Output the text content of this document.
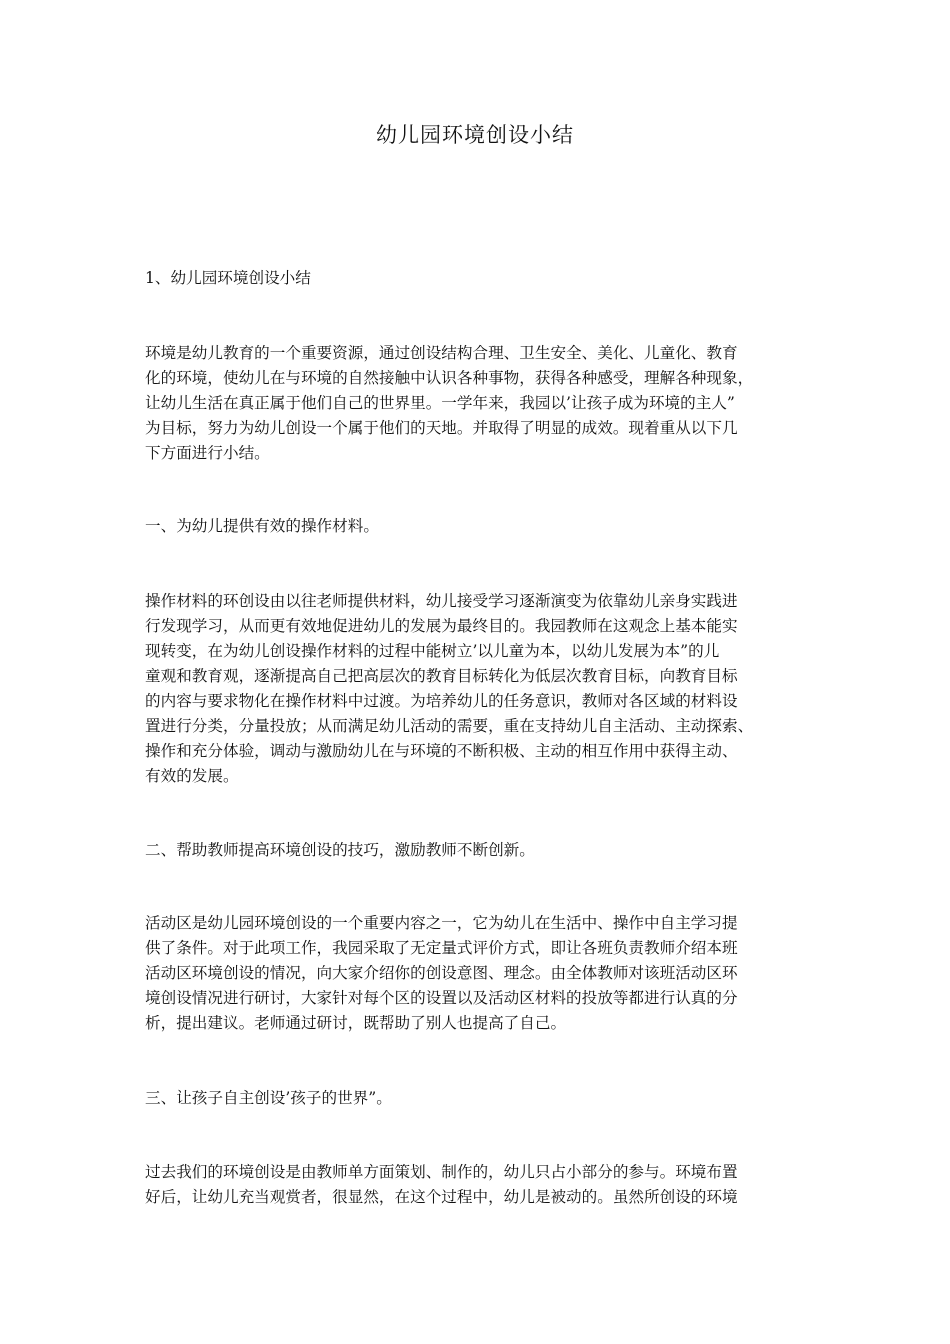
幼儿园环境创设小结
1、幼儿园环境创设小结
环境是幼儿教育的一个重要资源，通过创设结构合理、卫生安全、美化、儿童化、教育
化的环境，使幼儿在与环境的自然接触中认识各种事物，获得各种感受，理解各种现象，
让幼儿生活在真正属于他们自己的世界里。一学年来，我园以’让孩子成为环境的主人”
为目标，努力为幼儿创设一个属于他们的天地。并取得了明显的成效。现着重从以下几
下方面进行小结。
一、为幼儿提供有效的操作材料。
操作材料的环创设由以往老师提供材料，幼儿接受学习逐渐演变为依靠幼儿亲身实践进
行发现学习，从而更有效地促进幼儿的发展为最终目的。我园教师在这观念上基本能实
现转变，在为幼儿创设操作材料的过程中能树立’以儿童为本，以幼儿发展为本”的儿
童观和教育观，逐渐提高自己把高层次的教育目标转化为低层次教育目标，向教育目标
的内容与要求物化在操作材料中过渡。为培养幼儿的任务意识，教师对各区域的材料设
置进行分类，分量投放；从而满足幼儿活动的需要，重在支持幼儿自主活动、主动探索、
操作和充分体验，调动与激励幼儿在与环境的不断积极、主动的相互作用中获得主动、
有效的发展。
二、帮助教师提高环境创设的技巧，激励教师不断创新。
活动区是幼儿园环境创设的一个重要内容之一，它为幼儿在生活中、操作中自主学习提
供了条件。对于此项工作，我园采取了无定量式评价方式，即让各班负责教师介绍本班
活动区环境创设的情况，向大家介绍你的创设意图、理念。由全体教师对该班活动区环
境创设情况进行研讨，大家针对每个区的设置以及活动区材料的投放等都进行认真的分
析，提出建议。老师通过研讨，既帮助了别人也提高了自己。
三、让孩子自主创设’孩子的世界”。
过去我们的环境创设是由教师单方面策划、制作的，幼儿只占小部分的参与。环境布置
好后，让幼儿充当观赏者，很显然，在这个过程中，幼儿是被动的。虽然所创设的环境
